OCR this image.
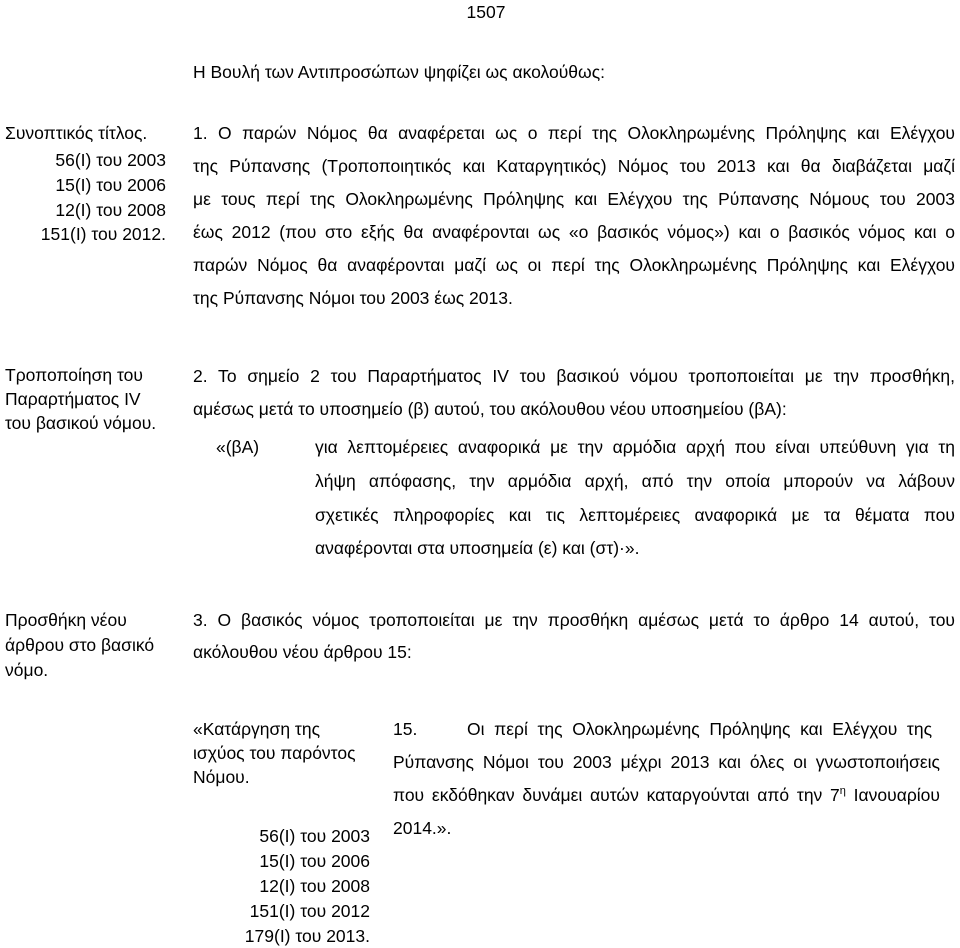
1507
Η Βουλή των Αντιπροσώπων ψηφίζει ως ακολούθως:
Συνοπτικός τίτλος.
56(Ι) του 2003
15(Ι) του 2006
12(Ι) του 2008
151(Ι) του 2012.
1. Ο παρών Νόμος θα αναφέρεται ως ο περί της Ολοκληρωμένης Πρόληψης και Ελέγχου
της Ρύπανσης (Τροποποιητικός και Καταργητικός) Νόμος του 2013 και θα διαβάζεται μαζί
με τους περί της Ολοκληρωμένης Πρόληψης και Ελέγχου της Ρύπανσης Νόμους του 2003
έως 2012 (που στο εξής θα αναφέρονται ως «ο βασικός νόμος») και ο βασικός νόμος και ο
παρών Νόμος θα αναφέρονται μαζί ως οι περί της Ολοκληρωμένης Πρόληψης και Ελέγχου
της Ρύπανσης Νόμοι του 2003 έως 2013.
Τροποποίηση του
Παραρτήματος IV
του βασικού νόμου.
2. Το σημείο 2 του Παραρτήματος IV του βασικού νόμου τροποποιείται με την προσθήκη,
αμέσως μετά το υποσημείο (β) αυτού, του ακόλουθου νέου υποσημείου (βΑ):
«(βΑ)	για λεπτομέρειες αναφορικά με την αρμόδια αρχή που είναι υπεύθυνη για τη
λήψη απόφασης, την αρμόδια αρχή, από την οποία μπορούν να λάβουν
σχετικές πληροφορίες και τις λεπτομέρειες αναφορικά με τα θέματα που
αναφέρονται στα υποσημεία (ε) και (στ)·».
Προσθήκη νέου
άρθρου στο βασικό
νόμο.
3. Ο βασικός νόμος τροποποιείται με την προσθήκη αμέσως μετά το άρθρο 14 αυτού, του
ακόλουθου νέου άρθρου 15:
«Κατάργηση της
ισχύος του παρόντος
Νόμου.
56(Ι) του 2003
15(Ι) του 2006
12(Ι) του 2008
151(Ι) του 2012
179(Ι) του 2013.
15.	Οι περί της Ολοκληρωμένης Πρόληψης και Ελέγχου της
Ρύπανσης Νόμοι του 2003 μέχρι 2013 και όλες οι γνωστοποιήσεις
που εκδόθηκαν δυνάμει αυτών καταργούνται από την $7^\eta$ Ιανουαρίου
2014.».
